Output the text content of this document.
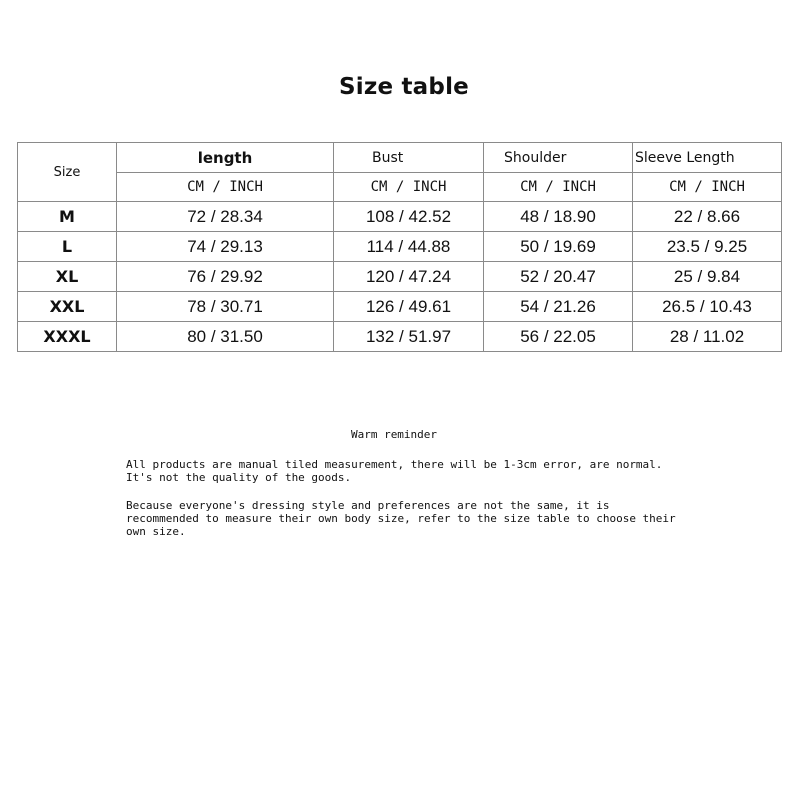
Size table
Size	length	Bust	Shoulder	Sleeve Length
	CM / INCH	CM / INCH	CM / INCH	CM / INCH
M	72 / 28.34	108 / 42.52	48 / 18.90	22 / 8.66
L	74 / 29.13	114 / 44.88	50 / 19.69	23.5 / 9.25
XL	76 / 29.92	120 / 47.24	52 / 20.47	25 / 9.84
XXL	78 / 30.71	126 / 49.61	54 / 21.26	26.5 / 10.43
XXXL	80 / 31.50	132 / 51.97	56 / 22.05	28 / 11.02
Warm reminder

All products are manual tiled measurement, there will be 1-3cm error, are normal. It's not the quality of the goods.

Because everyone's dressing style and preferences are not the same, it is recommended to measure their own body size, refer to the size table to choose their own size.
